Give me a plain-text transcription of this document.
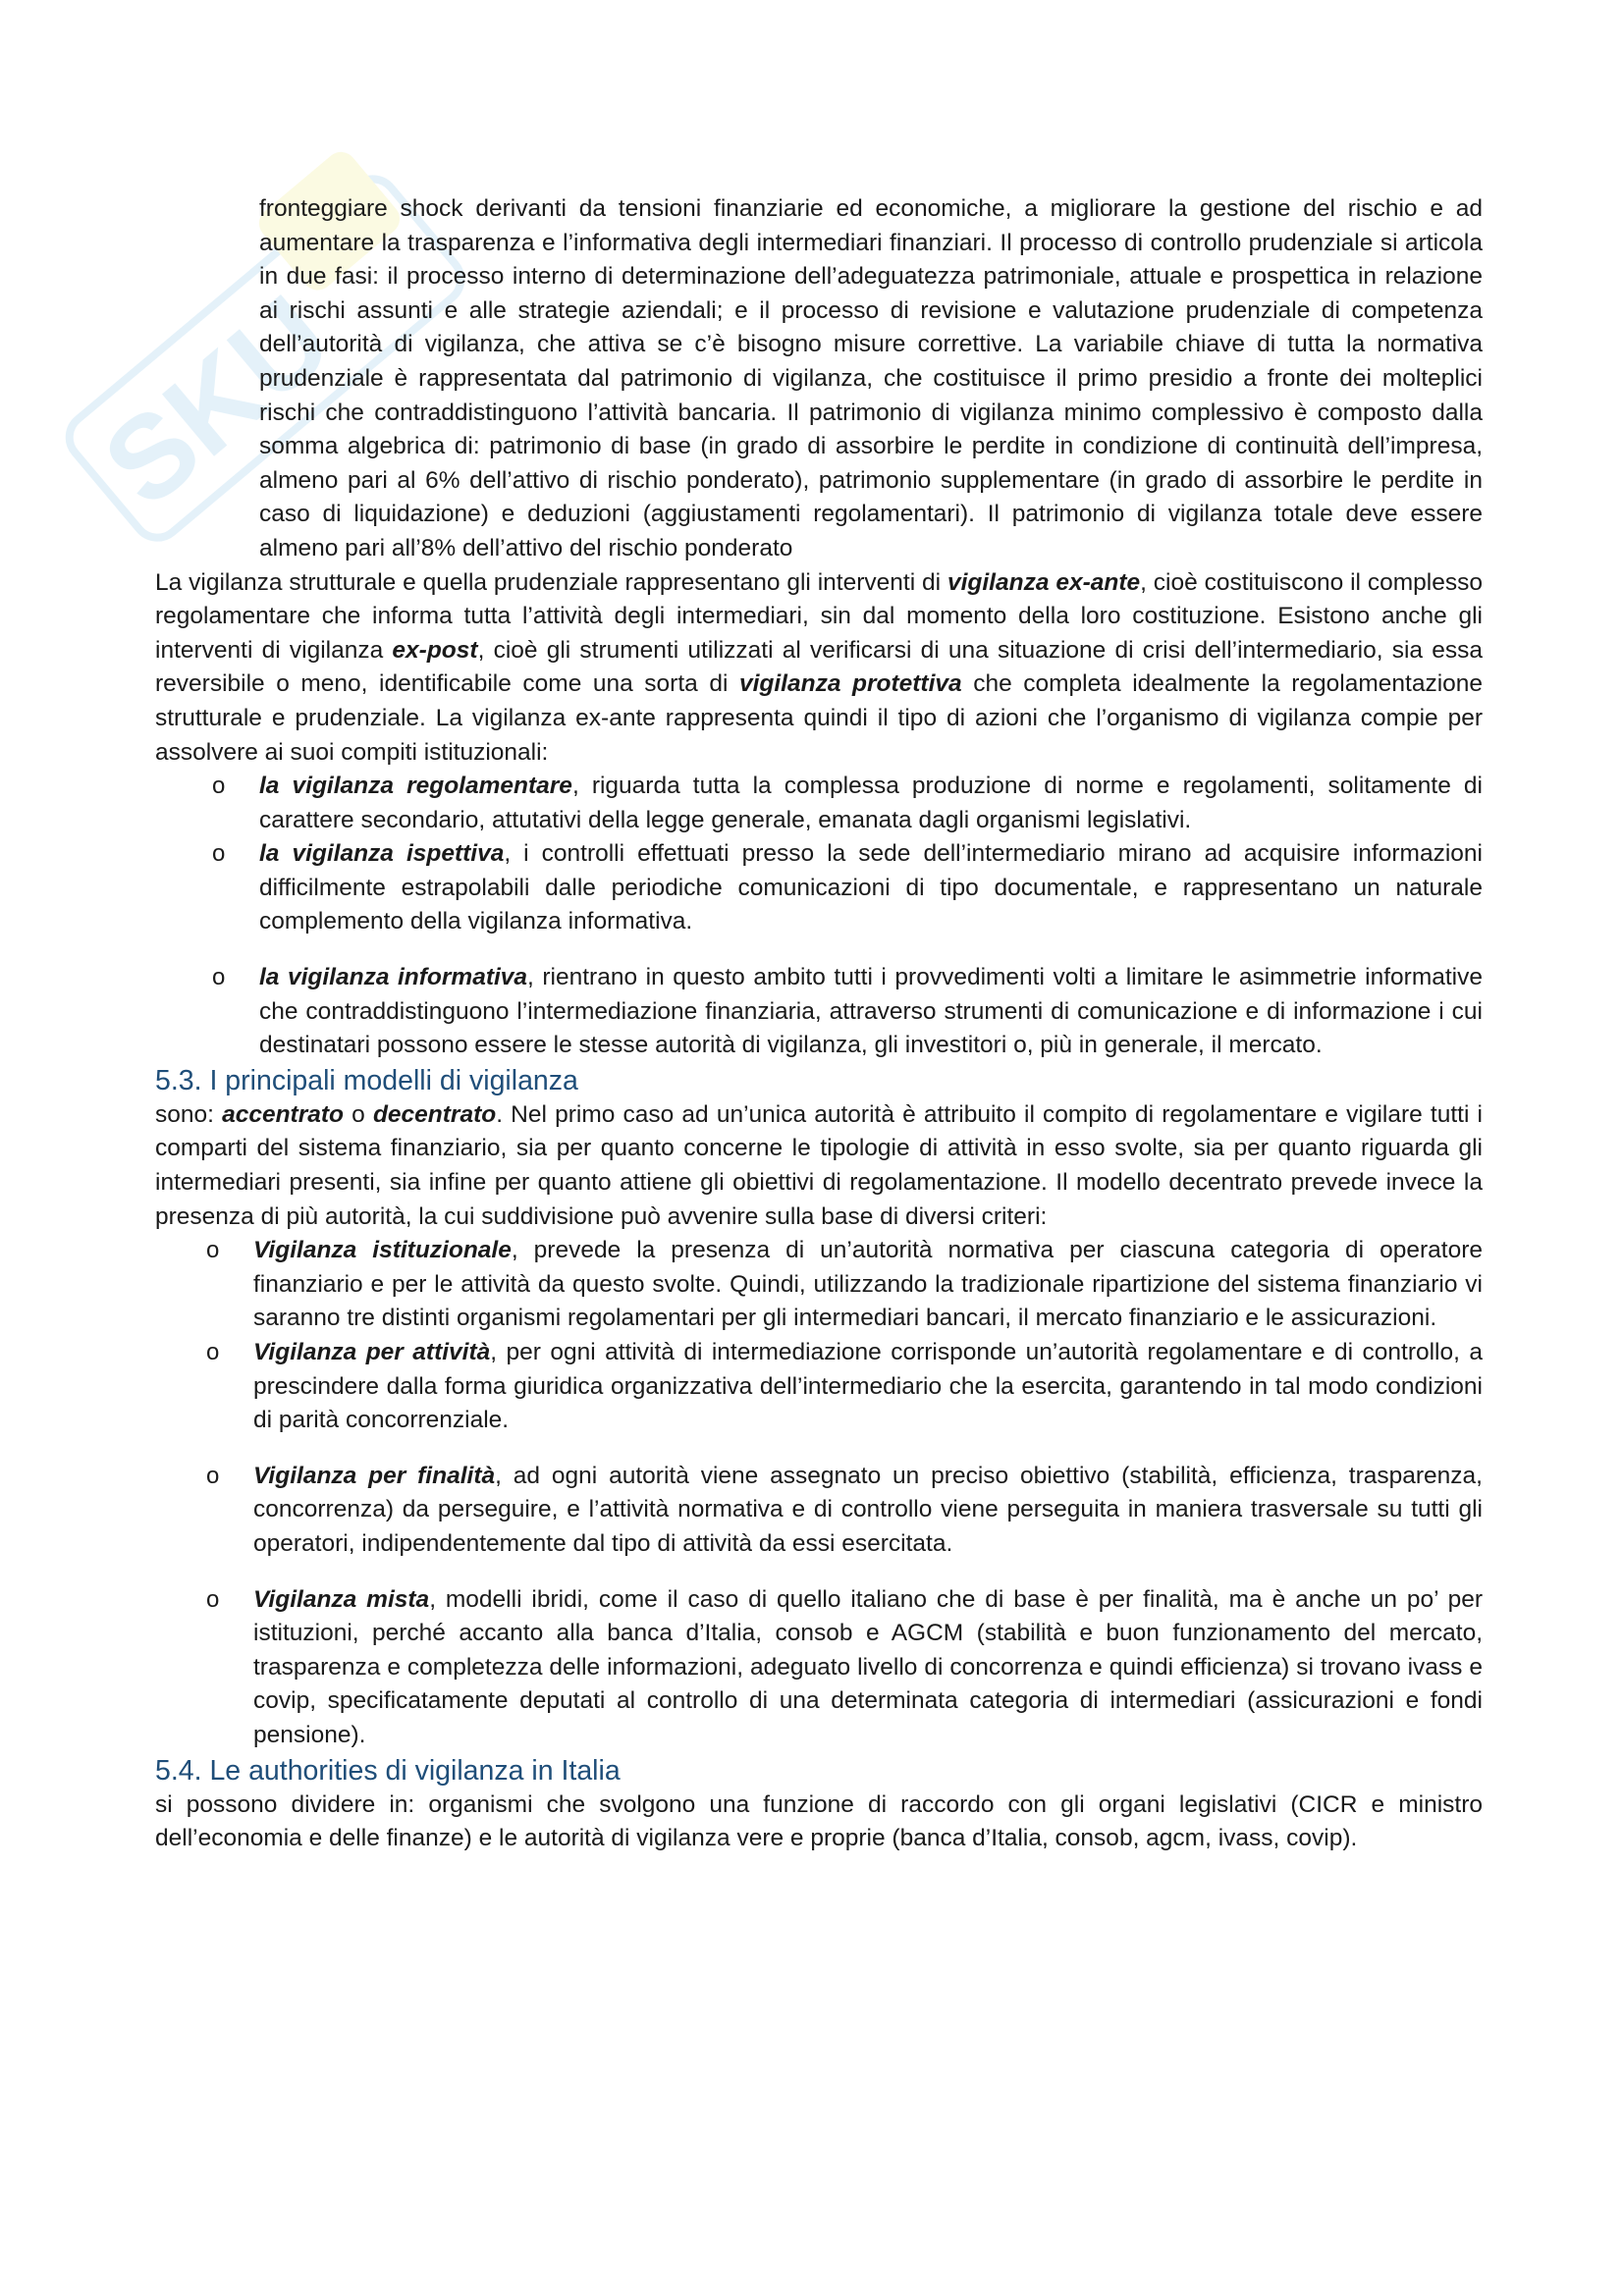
SKU

fronteggiare shock derivanti da tensioni finanziarie ed economiche, a migliorare la gestione del rischio e ad aumentare la trasparenza e l’informativa degli intermediari finanziari. Il processo di controllo prudenziale si articola in due fasi: il processo interno di determinazione dell’adeguatezza patrimoniale, attuale e prospettica in relazione ai rischi assunti e alle strategie aziendali; e il processo di revisione e valutazione prudenziale di competenza dell’autorità di vigilanza, che attiva se c’è bisogno misure correttive. La variabile chiave di tutta la normativa prudenziale è rappresentata dal patrimonio di vigilanza, che costituisce il primo presidio a fronte dei molteplici rischi che contraddistinguono l’attività bancaria. Il patrimonio di vigilanza minimo complessivo è composto dalla somma algebrica di: patrimonio di base (in grado di assorbire le perdite in condizione di continuità dell’impresa, almeno pari al 6% dell’attivo di rischio ponderato), patrimonio supplementare (in grado di assorbire le perdite in caso di liquidazione) e deduzioni (aggiustamenti regolamentari). Il patrimonio di vigilanza totale deve essere almeno pari all’8% dell’attivo del rischio ponderato

La vigilanza strutturale e quella prudenziale rappresentano gli interventi di vigilanza ex-ante, cioè costituiscono il complesso regolamentare che informa tutta l’attività degli intermediari, sin dal momento della loro costituzione. Esistono anche gli interventi di vigilanza ex-post, cioè gli strumenti utilizzati al verificarsi di una situazione di crisi dell’intermediario, sia essa reversibile o meno, identificabile come una sorta di vigilanza protettiva che completa idealmente la regolamentazione strutturale e prudenziale. La vigilanza ex-ante rappresenta quindi il tipo di azioni che l’organismo di vigilanza compie per assolvere ai suoi compiti istituzionali:

o la vigilanza regolamentare, riguarda tutta la complessa produzione di norme e regolamenti, solitamente di carattere secondario, attutativi della legge generale, emanata dagli organismi legislativi.
o la vigilanza ispettiva, i controlli effettuati presso la sede dell’intermediario mirano ad acquisire informazioni difficilmente estrapolabili dalle periodiche comunicazioni di tipo documentale, e rappresentano un naturale complemento della vigilanza informativa.
o la vigilanza informativa, rientrano in questo ambito tutti i provvedimenti volti a limitare le asimmetrie informative che contraddistinguono l’intermediazione finanziaria, attraverso strumenti di comunicazione e di informazione i cui destinatari possono essere le stesse autorità di vigilanza, gli investitori o, più in generale, il mercato.
5.3. I principali modelli di vigilanza

sono: accentrato o decentrato. Nel primo caso ad un’unica autorità è attribuito il compito di regolamentare e vigilare tutti i comparti del sistema finanziario, sia per quanto concerne le tipologie di attività in esso svolte, sia per quanto riguarda gli intermediari presenti, sia infine per quanto attiene gli obiettivi di regolamentazione. Il modello decentrato prevede invece la presenza di più autorità, la cui suddivisione può avvenire sulla base di diversi criteri:

o Vigilanza istituzionale, prevede la presenza di un’autorità normativa per ciascuna categoria di operatore finanziario e per le attività da questo svolte. Quindi, utilizzando la tradizionale ripartizione del sistema finanziario vi saranno tre distinti organismi regolamentari per gli intermediari bancari, il mercato finanziario e le assicurazioni.
o Vigilanza per attività, per ogni attività di intermediazione corrisponde un’autorità regolamentare e di controllo, a prescindere dalla forma giuridica organizzativa dell’intermediario che la esercita, garantendo in tal modo condizioni di parità concorrenziale.
o Vigilanza per finalità, ad ogni autorità viene assegnato un preciso obiettivo (stabilità, efficienza, trasparenza, concorrenza) da perseguire, e l’attività normativa e di controllo viene perseguita in maniera trasversale su tutti gli operatori, indipendentemente dal tipo di attività da essi esercitata.
o Vigilanza mista, modelli ibridi, come il caso di quello italiano che di base è per finalità, ma è anche un po’ per istituzioni, perché accanto alla banca d’Italia, consob e AGCM (stabilità e buon funzionamento del mercato, trasparenza e completezza delle informazioni, adeguato livello di concorrenza e quindi efficienza) si trovano ivass e covip, specificatamente deputati al controllo di una determinata categoria di intermediari (assicurazioni e fondi pensione).
5.4. Le authorities di vigilanza in Italia

si possono dividere in: organismi che svolgono una funzione di raccordo con gli organi legislativi (CICR e ministro dell’economia e delle finanze) e le autorità di vigilanza vere e proprie (banca d’Italia, consob, agcm, ivass, covip).
